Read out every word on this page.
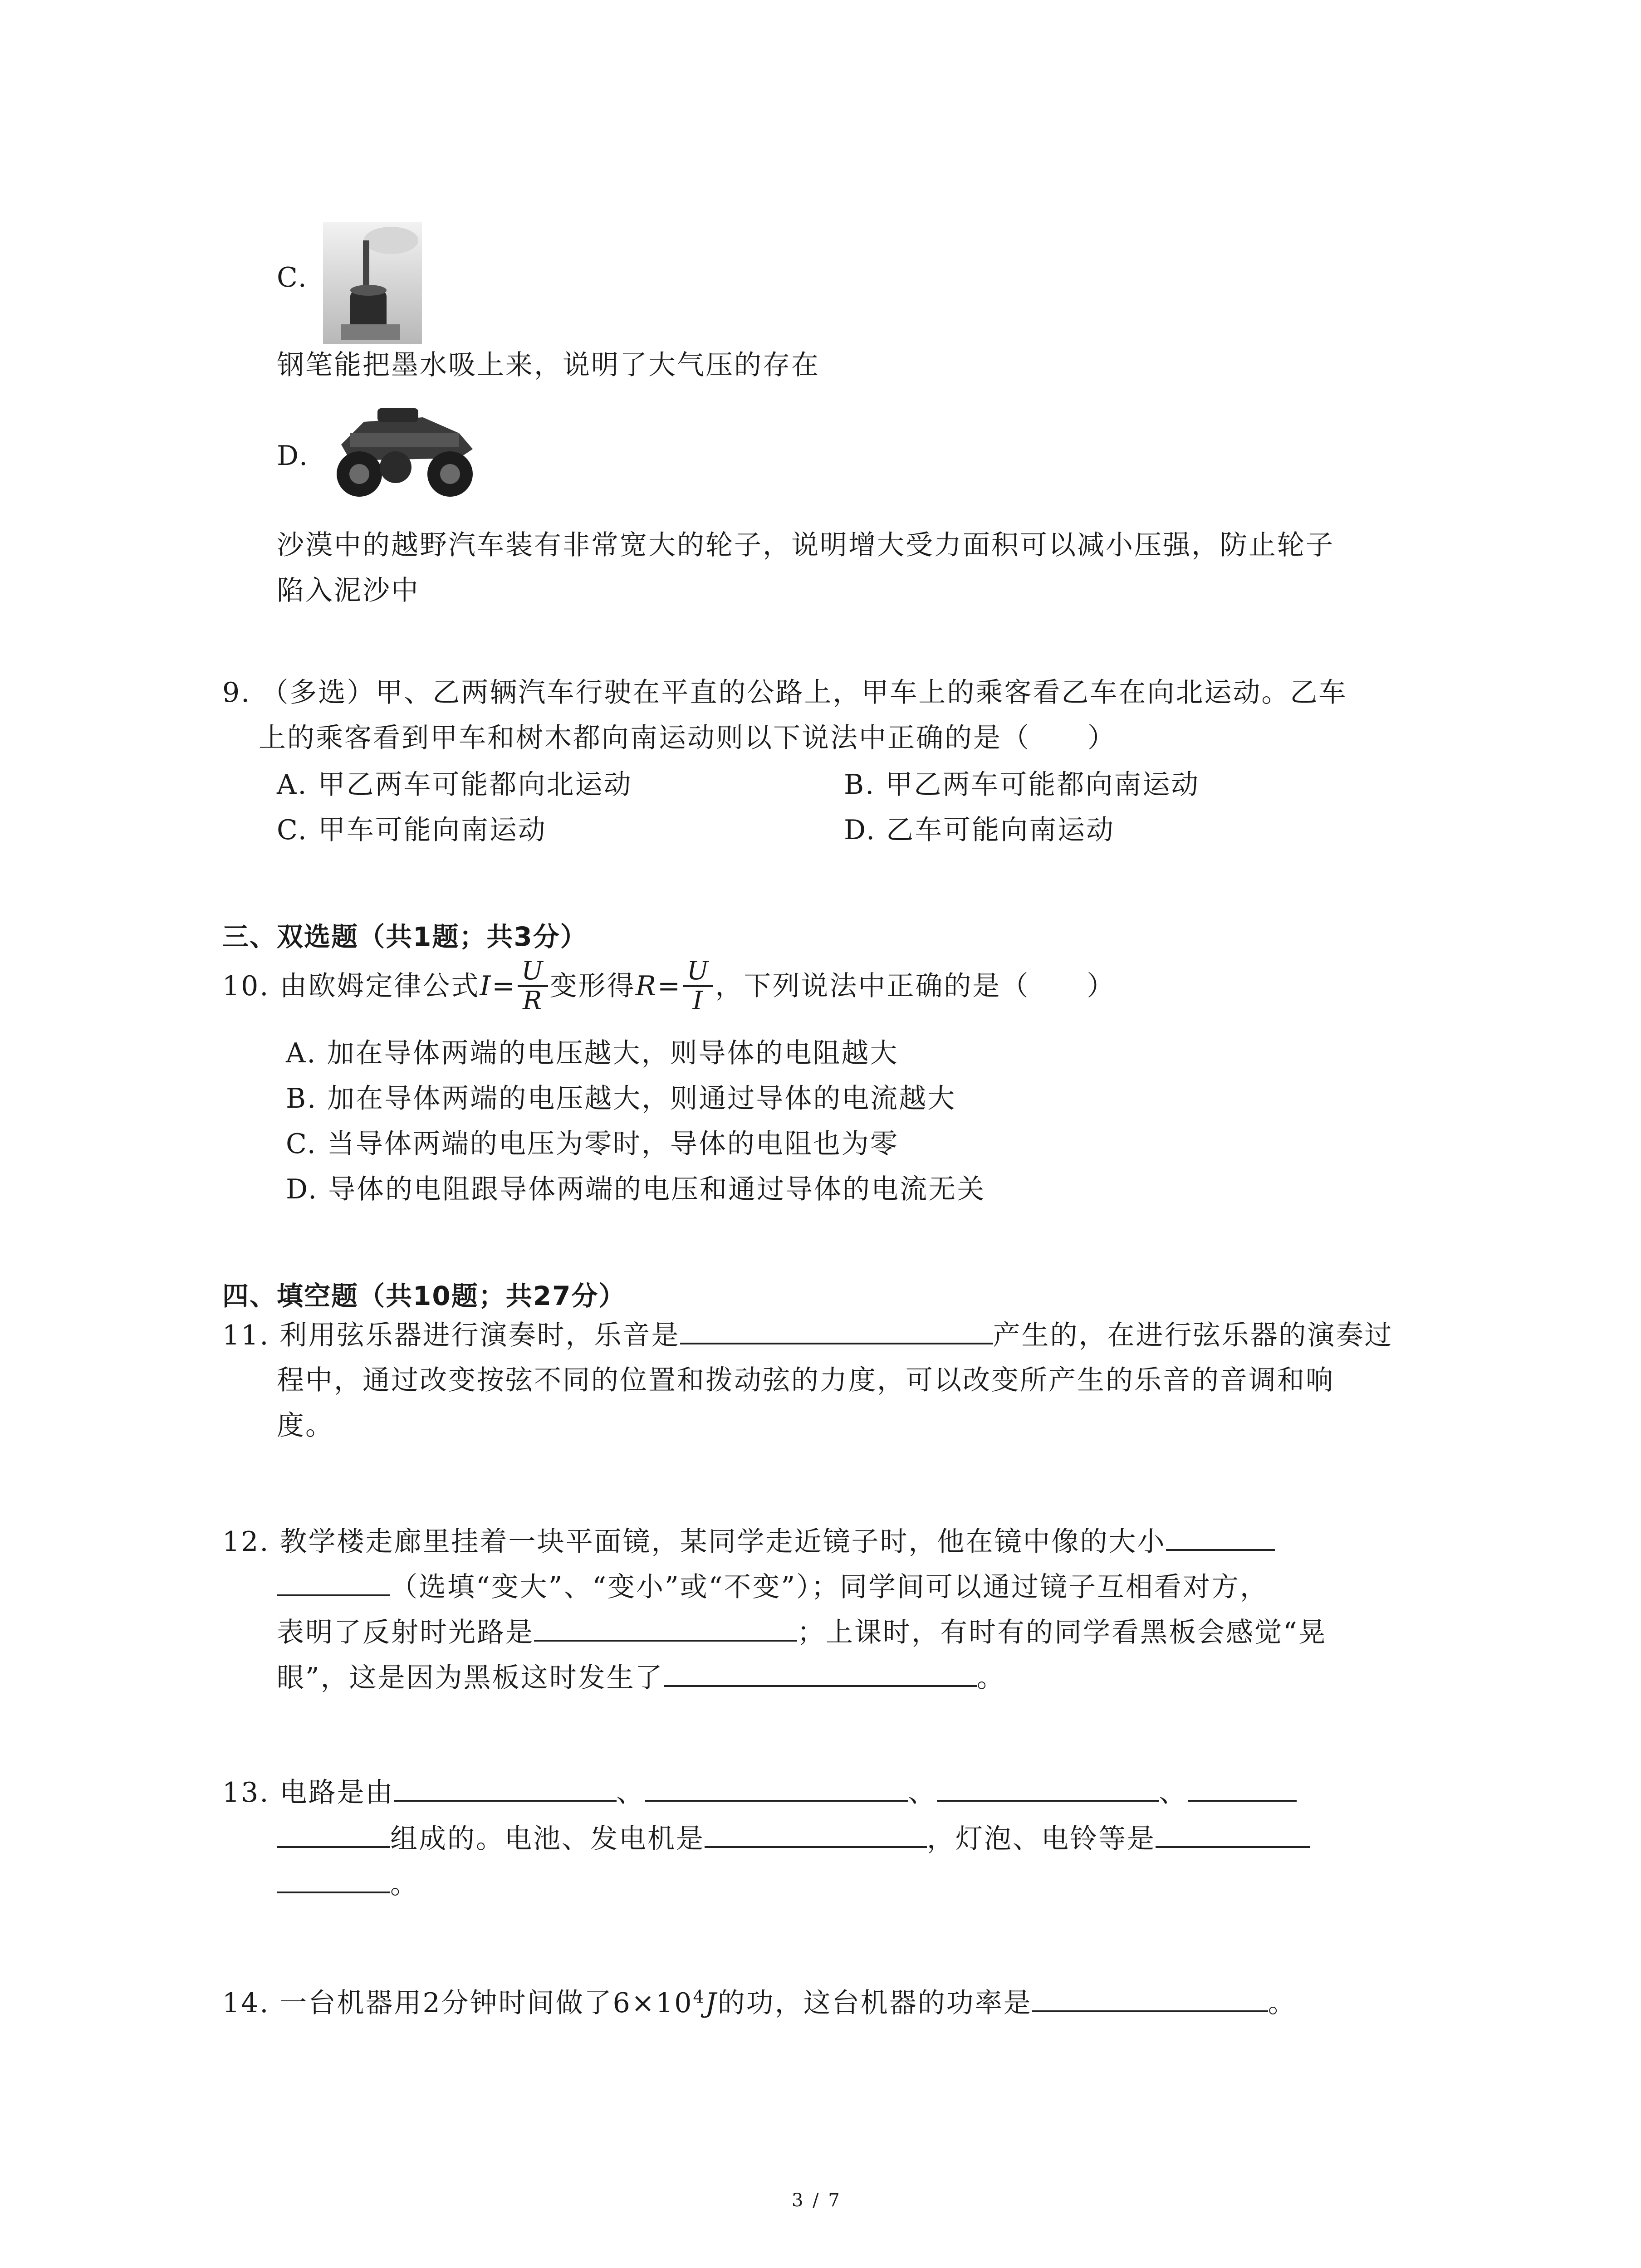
C.
钢笔能把墨水吸上来，说明了大气压的存在
D.
沙漠中的越野汽车装有非常宽大的轮子，说明增大受力面积可以减小压强，防止轮子
陷入泥沙中
9. （多选）甲、乙两辆汽车行驶在平直的公路上，甲车上的乘客看乙车在向北运动。乙车
上的乘客看到甲车和树木都向南运动则以下说法中正确的是（　　）
A. 甲乙两车可能都向北运动	B. 甲乙两车可能都向南运动
C. 甲车可能向南运动	D. 乙车可能向南运动
三、双选题（共1题；共3分）
10. 由欧姆定律公式 $I= \frac{U}{R}$ 变形得 $R= \frac{U}{I}$ ，下列说法中正确的是（　　）
A. 加在导体两端的电压越大，则导体的电阻越大
B. 加在导体两端的电压越大，则通过导体的电流越大
C. 当导体两端的电压为零时，导体的电阻也为零
D. 导体的电阻跟导体两端的电压和通过导体的电流无关
四、填空题（共10题；共27分）
11. 利用弦乐器进行演奏时，乐音是	产生的，在进行弦乐器的演奏过
程中，通过改变按弦不同的位置和拨动弦的力度，可以改变所产生的乐音的音调和响
度。
12. 教学楼走廊里挂着一块平面镜，某同学走近镜子时，他在镜中像的大小
（选填“变大”、“变小”或“不变”）；同学间可以通过镜子互相看对方，
表明了反射时光路是	；上课时，有时有的同学看黑板会感觉“晃
眼”，这是因为黑板这时发生了	。
13. 电路是由	、	、	、
组成的。电池、发电机是	，灯泡、电铃等是
。
14. 一台机器用2分钟时间做了$6\times 10^4J$的功，这台机器的功率是	。
3 / 7
